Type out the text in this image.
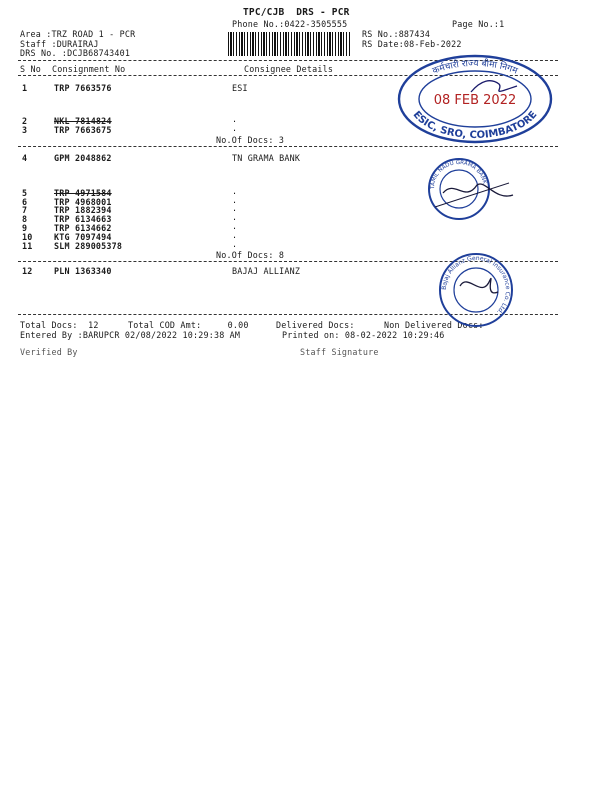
TPC/CJB  DRS - PCR
Phone No.:0422-3505555	Page No.:1
Area :TRZ ROAD 1 - PCR
Staff :DURAIRAJ
DRS No. :DCJB68743401
RS No.:887434
RS Date:08-Feb-2022
S No Consignment No	Consignee Details
1	TRP 7663576	ESI
2	NKL 7814824	.
3	TRP 7663675	.
No.Of Docs: 3
4	GPM 2048862	TN GRAMA BANK
5	TRP 4971584	.
6	TRP 4968001	.
7	TRP 1882394	.
8	TRP 6134663	.
9	TRP 6134662	.
10	KTG 7097494	.
11	SLM 289005378	.
No.Of Docs: 8
12	PLN 1363340	BAJAJ ALLIANZ
Total Docs:  12	Total COD Amt:     0.00	Delivered Docs:	Non Delivered Docs:
Entered By :BARUPCR 02/08/2022 10:29:38 AM	Printed on: 08-02-2022 10:29:46
Verified By	Staff Signature
कर्मचारी राज्य बीमा निगम
ESIC, SRO, COIMBATORE
08 FEB 2022
TAMIL NADU GRAMA BANK
Bajaj Allianz General Insurance Co. Ltd.
